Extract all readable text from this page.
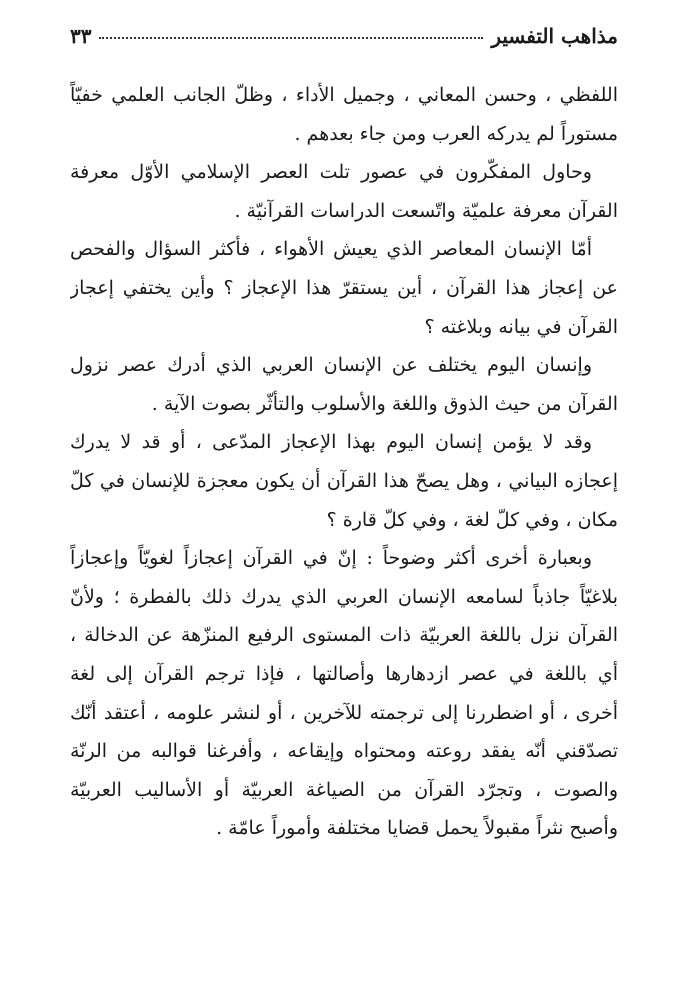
مذاهب التفسير
٣٣
اللفظي ، وحسن المعاني ، وجميل الأداء ، وظلّ الجانب العلمي خفيّاً
مستوراً لم يدركه العرب ومن جاء بعدهم .
وحاول المفكّرون في عصور تلت العصر الإسلامي الأوّل معرفة
القرآن معرفة علميّة واتّسعت الدراسات القرآنيّة .
أمّا الإنسان المعاصر الذي يعيش الأهواء ، فأكثر السؤال والفحص
عن إعجاز هذا القرآن ، أين يستقرّ هذا الإعجاز ؟ وأين يختفي إعجاز
القرآن في بيانه وبلاغته ؟
وإنسان اليوم يختلف عن الإنسان العربي الذي أدرك عصر نزول
القرآن من حيث الذوق واللغة والأسلوب والتأثّر بصوت الآية .
وقد لا يؤمن إنسان اليوم بهذا الإعجاز المدّعى ، أو قد لا يدرك
إعجازه البياني ، وهل يصحّ هذا القرآن أن يكون معجزة للإنسان في كلّ
مكان ، وفي كلّ لغة ، وفي كلّ قارة ؟
وبعبارة أخرى أكثر وضوحاً : إنّ في القرآن إعجازاً لغويّاً وإعجازاً
بلاغيّاً جاذباً لسامعه الإنسان العربي الذي يدرك ذلك بالفطرة ؛ ولأنّ
القرآن نزل باللغة العربيّة ذات المستوى الرفيع المنزّهة عن الدخالة ،
أي باللغة في عصر ازدهارها وأصالتها ، فإذا ترجم القرآن إلى لغة
أخرى ، أو اضطررنا إلى ترجمته للآخرين ، أو لنشر علومه ، أعتقد أنّك
تصدّقني أنّه يفقد روعته ومحتواه وإيقاعه ، وأفرغنا قوالبه من الرنّة
والصوت ، وتجرّد القرآن من الصياغة العربيّة أو الأساليب العربيّة
وأصبح نثراً مقبولاً يحمل قضايا مختلفة وأموراً عامّة .
